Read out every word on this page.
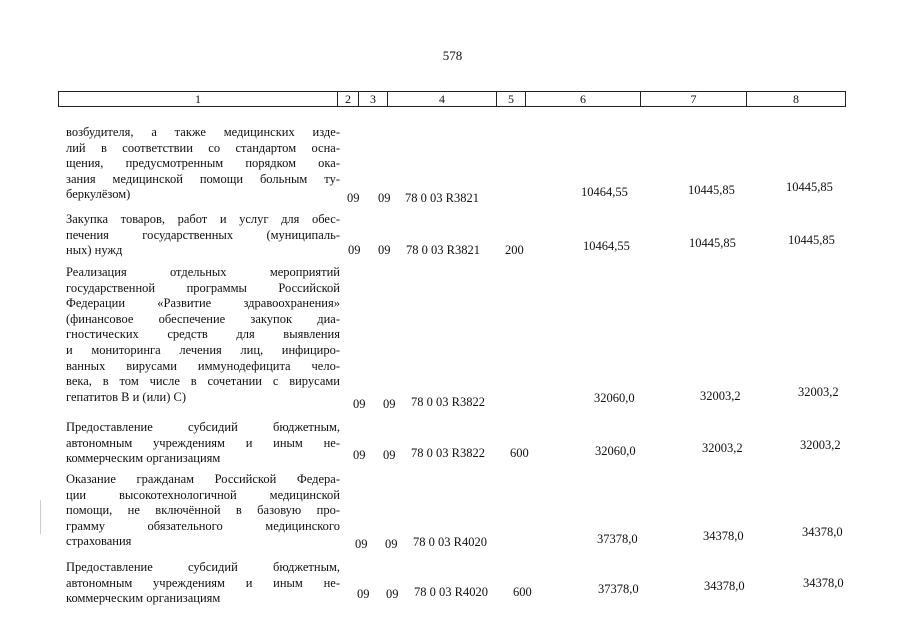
578
1	2	3	4	5	6	7	8
возбудителя, а также медицинских изде-
лий в соответствии со стандартом осна-
щения, предусмотренным порядком ока-
зания медицинской помощи больным ту-
беркулёзом)	09 09 78 0 03 R3821	10464,55	10445,85	10445,85
Закупка товаров, работ и услуг для обес-
печения государственных (муниципаль-
ных) нужд	09 09 78 0 03 R3821 200	10464,55	10445,85	10445,85
Реализация отдельных мероприятий
государственной программы Российской
Федерации «Развитие здравоохранения»
(финансовое обеспечение закупок диа-
гностических средств для выявления
и мониторинга лечения лиц, инфициро-
ванных вирусами иммунодефицита чело-
века, в том числе в сочетании с вирусами
гепатитов В и (или) С)
09 09 78 0 03 R3822	32060,0	32003,2	32003,2
Предоставление субсидий бюджетным,
автономным учреждениям и иным не-
коммерческим организациям	09 09 78 0 03 R3822 600	32060,0	32003,2	32003,2
Оказание гражданам Российской Федера-
ции высокотехнологичной медицинской
помощи, не включённой в базовую про-
грамму обязательного медицинского
страхования	09 09 78 0 03 R4020	37378,0	34378,0	34378,0
Предоставление субсидий бюджетным,
автономным учреждениям и иным не-
коммерческим организациям	09 09 78 0 03 R4020 600	37378,0	34378,0	34378,0
